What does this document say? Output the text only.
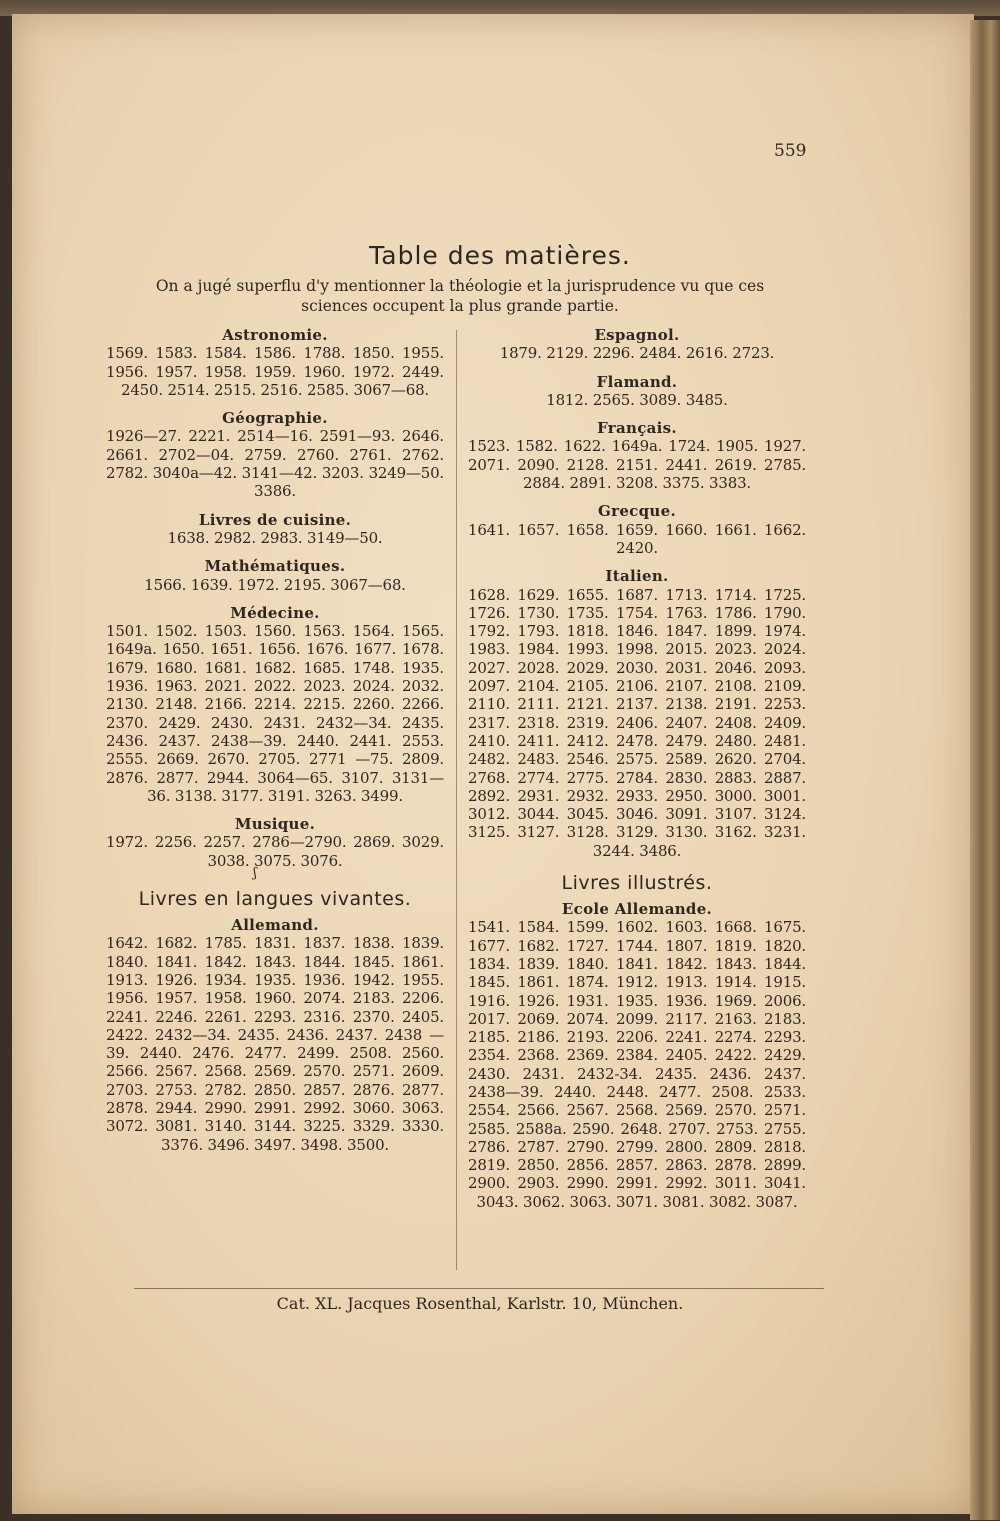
559
Table des matières.
On a jugé superflu d'y mentionner la théologie et la jurisprudence vu que ces sciences occupent la plus grande partie.

Astronomie.

1569. 1583. 1584. 1586. 1788. 1850. 1955. 1956. 1957. 1958. 1959. 1960. 1972. 2449. 2450. 2514. 2515. 2516. 2585. 3067—68.

Géographie.

1926—27. 2221. 2514—16. 2591—93. 2646. 2661. 2702—04. 2759. 2760. 2761. 2762. 2782. 3040a—42. 3141—42. 3203. 3249—50. 3386.

Livres de cuisine.

1638. 2982. 2983. 3149—50.

Mathématiques.

1566. 1639. 1972. 2195. 3067—68.

Médecine.

1501. 1502. 1503. 1560. 1563. 1564. 1565. 1649a. 1650. 1651. 1656. 1676. 1677. 1678. 1679. 1680. 1681. 1682. 1685. 1748. 1935. 1936. 1963. 2021. 2022. 2023. 2024. 2032. 2130. 2148. 2166. 2214. 2215. 2260. 2266. 2370. 2429. 2430. 2431. 2432—34. 2435. 2436. 2437. 2438—39. 2440. 2441. 2553. 2555. 2669. 2670. 2705. 2771 —75. 2809. 2876. 2877. 2944. 3064—65. 3107. 3131—36. 3138. 3177. 3191. 3263. 3499.

Musique.

1972. 2256. 2257. 2786—2790. 2869. 3029. 3038. 3075. 3076.

ʃ
Livres en langues vivantes.

Allemand.

1642. 1682. 1785. 1831. 1837. 1838. 1839. 1840. 1841. 1842. 1843. 1844. 1845. 1861. 1913. 1926. 1934. 1935. 1936. 1942. 1955. 1956. 1957. 1958. 1960. 2074. 2183. 2206. 2241. 2246. 2261. 2293. 2316. 2370. 2405. 2422. 2432—34. 2435. 2436. 2437. 2438 —39. 2440. 2476. 2477. 2499. 2508. 2560. 2566. 2567. 2568. 2569. 2570. 2571. 2609. 2703. 2753. 2782. 2850. 2857. 2876. 2877. 2878. 2944. 2990. 2991. 2992. 3060. 3063. 3072. 3081. 3140. 3144. 3225. 3329. 3330. 3376. 3496. 3497. 3498. 3500.

Espagnol.

1879. 2129. 2296. 2484. 2616. 2723.

Flamand.

1812. 2565. 3089. 3485.

Français.

1523. 1582. 1622. 1649a. 1724. 1905. 1927. 2071. 2090. 2128. 2151. 2441. 2619. 2785. 2884. 2891. 3208. 3375. 3383.

Grecque.

1641. 1657. 1658. 1659. 1660. 1661. 1662. 2420.

Italien.

1628. 1629. 1655. 1687. 1713. 1714. 1725. 1726. 1730. 1735. 1754. 1763. 1786. 1790. 1792. 1793. 1818. 1846. 1847. 1899. 1974. 1983. 1984. 1993. 1998. 2015. 2023. 2024. 2027. 2028. 2029. 2030. 2031. 2046. 2093. 2097. 2104. 2105. 2106. 2107. 2108. 2109. 2110. 2111. 2121. 2137. 2138. 2191. 2253. 2317. 2318. 2319. 2406. 2407. 2408. 2409. 2410. 2411. 2412. 2478. 2479. 2480. 2481. 2482. 2483. 2546. 2575. 2589. 2620. 2704. 2768. 2774. 2775. 2784. 2830. 2883. 2887. 2892. 2931. 2932. 2933. 2950. 3000. 3001. 3012. 3044. 3045. 3046. 3091. 3107. 3124. 3125. 3127. 3128. 3129. 3130. 3162. 3231. 3244. 3486.

Livres illustrés.

Ecole Allemande.

1541. 1584. 1599. 1602. 1603. 1668. 1675. 1677. 1682. 1727. 1744. 1807. 1819. 1820. 1834. 1839. 1840. 1841. 1842. 1843. 1844. 1845. 1861. 1874. 1912. 1913. 1914. 1915. 1916. 1926. 1931. 1935. 1936. 1969. 2006. 2017. 2069. 2074. 2099. 2117. 2163. 2183. 2185. 2186. 2193. 2206. 2241. 2274. 2293. 2354. 2368. 2369. 2384. 2405. 2422. 2429. 2430. 2431. 2432-34. 2435. 2436. 2437. 2438—39. 2440. 2448. 2477. 2508. 2533. 2554. 2566. 2567. 2568. 2569. 2570. 2571. 2585. 2588a. 2590. 2648. 2707. 2753. 2755. 2786. 2787. 2790. 2799. 2800. 2809. 2818. 2819. 2850. 2856. 2857. 2863. 2878. 2899. 2900. 2903. 2990. 2991. 2992. 3011. 3041. 3043. 3062. 3063. 3071. 3081. 3082. 3087.

Cat. XL. Jacques Rosenthal, Karlstr. 10, München.
